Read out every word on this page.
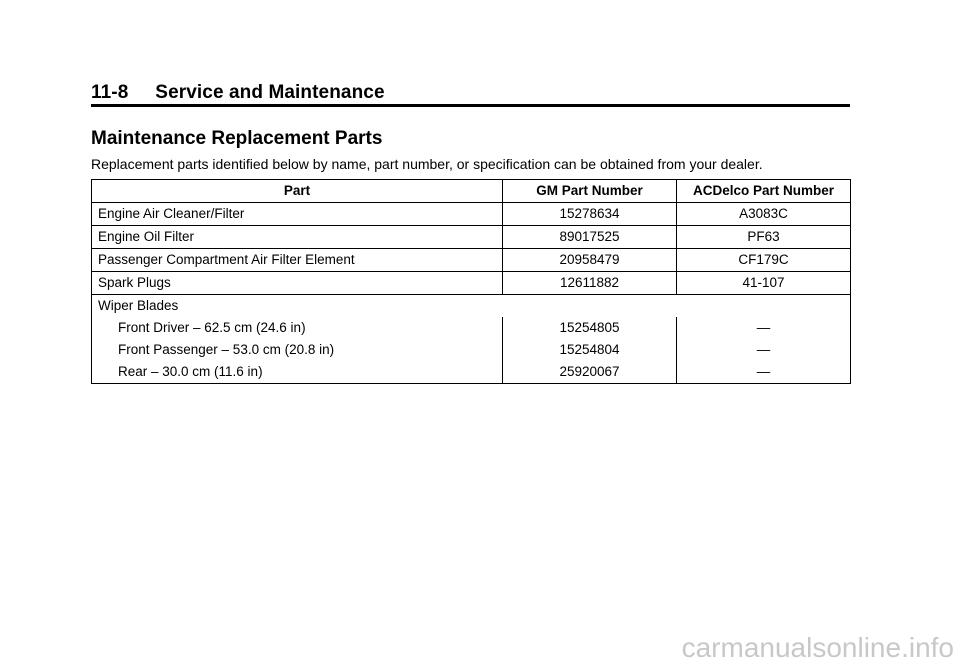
11-8 Service and Maintenance
Maintenance Replacement Parts
Replacement parts identified below by name, part number, or specification can be obtained from your dealer.
Part	GM Part Number	ACDelco Part Number
Engine Air Cleaner/Filter	15278634	A3083C
Engine Oil Filter	89017525	PF63
Passenger Compartment Air Filter Element	20958479	CF179C
Spark Plugs	12611882	41-107
Wiper Blades		
Front Driver – 62.5 cm (24.6 in)	15254805	—
Front Passenger – 53.0 cm (20.8 in)	15254804	—
Rear – 30.0 cm (11.6 in)	25920067	—
carmanualsonline.info
